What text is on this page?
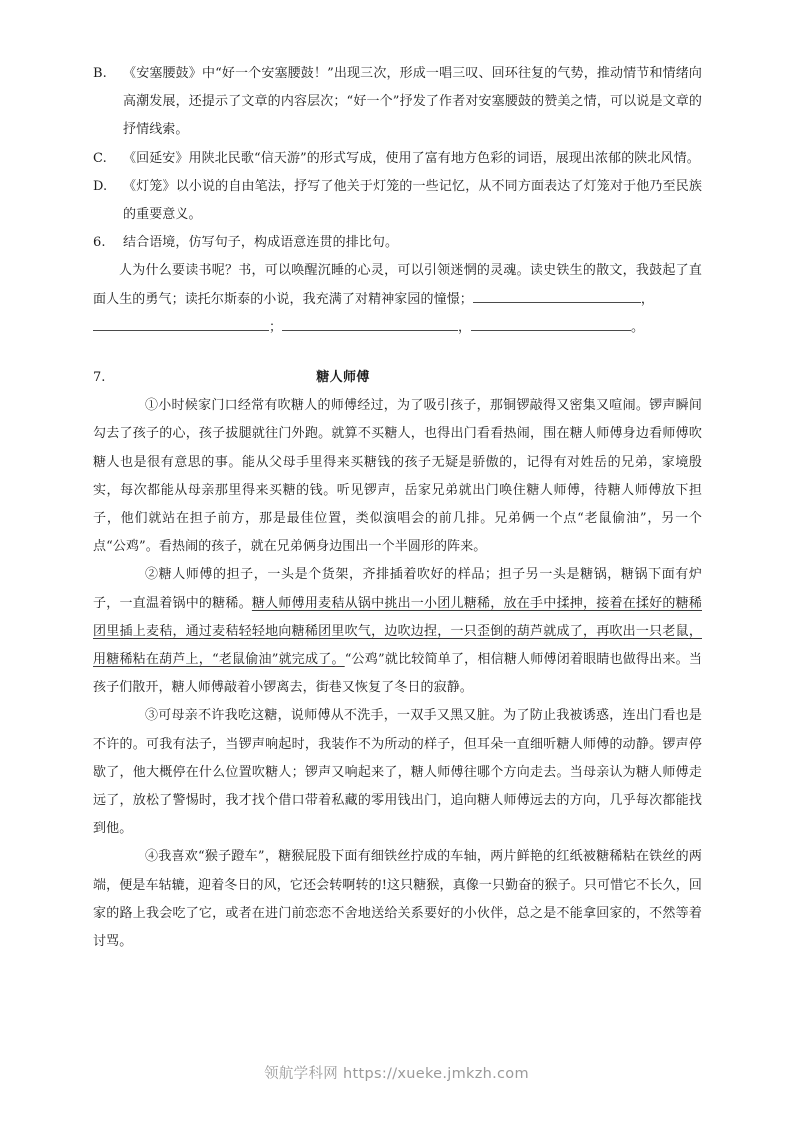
B. 《安塞腰鼓》中“好一个安塞腰鼓！”出现三次，形成一唱三叹、回环往复的气势，推动情节和情绪向高潮发展，还提示了文章的内容层次；“好一个”抒发了作者对安塞腰鼓的赞美之情，可以说是文章的抒情线索。

C. 《回延安》用陕北民歌“信天游”的形式写成，使用了富有地方色彩的词语，展现出浓郁的陕北风情。

D. 《灯笼》以小说的自由笔法，抒写了他关于灯笼的一些记忆，从不同方面表达了灯笼对于他乃至民族的重要意义。

6. 结合语境，仿写句子，构成语意连贯的排比句。

人为什么要读书呢？书，可以唤醒沉睡的心灵，可以引领迷惘的灵魂。读史铁生的散文，我鼓起了直面人生的勇气；读托尔斯泰的小说，我充满了对精神家园的憧憬；	，

；	，	。

7.	糖人师傅

①小时候家门口经常有吹糖人的师傅经过，为了吸引孩子，那铜锣敲得又密集又喧闹。锣声瞬间勾去了孩子的心，孩子拔腿就往门外跑。就算不买糖人，也得出门看看热闹，围在糖人师傅身边看师傅吹糖人也是很有意思的事。能从父母手里得来买糖钱的孩子无疑是骄傲的，记得有对姓岳的兄弟，家境殷实，每次都能从母亲那里得来买糖的钱。听见锣声，岳家兄弟就出门唤住糖人师傅，待糖人师傅放下担子，他们就站在担子前方，那是最佳位置，类似演唱会的前几排。兄弟俩一个点“老鼠偷油”，另一个点“公鸡”。看热闹的孩子，就在兄弟俩身边围出一个半圆形的阵来。

②糖人师傅的担子，一头是个货架，齐排插着吹好的样品；担子另一头是糖锅，糖锅下面有炉子，一直温着锅中的糖稀。糖人师傅用麦秸从锅中挑出一小团儿糖稀，放在手中揉抻，接着在揉好的糖稀团里插上麦秸，通过麦秸轻轻地向糖稀团里吹气，边吹边捏，一只歪倒的葫芦就成了，再吹出一只老鼠，用糖稀粘在葫芦上，“老鼠偷油”就完成了。“公鸡”就比较简单了，相信糖人师傅闭着眼睛也做得出来。当孩子们散开，糖人师傅敲着小锣离去，街巷又恢复了冬日的寂静。

③可母亲不许我吃这糖，说师傅从不洗手，一双手又黑又脏。为了防止我被诱惑，连出门看也是不许的。可我有法子，当锣声响起时，我装作不为所动的样子，但耳朵一直细听糖人师傅的动静。锣声停歇了，他大概停在什么位置吹糖人；锣声又响起来了，糖人师傅往哪个方向走去。当母亲认为糖人师傅走远了，放松了警惕时，我才找个借口带着私藏的零用钱出门，追向糖人师傅远去的方向，几乎每次都能找到他。

④我喜欢“猴子蹬车”，糖猴屁股下面有细铁丝拧成的车轴，两片鲜艳的红纸被糖稀粘在铁丝的两端，便是车轱辘，迎着冬日的风，它还会转啊转的!这只糖猴，真像一只勤奋的猴子。只可惜它不长久，回家的路上我会吃了它，或者在进门前恋恋不舍地送给关系要好的小伙伴，总之是不能拿回家的，不然等着讨骂。

领航学科网 https://xueke.jmkzh.com
